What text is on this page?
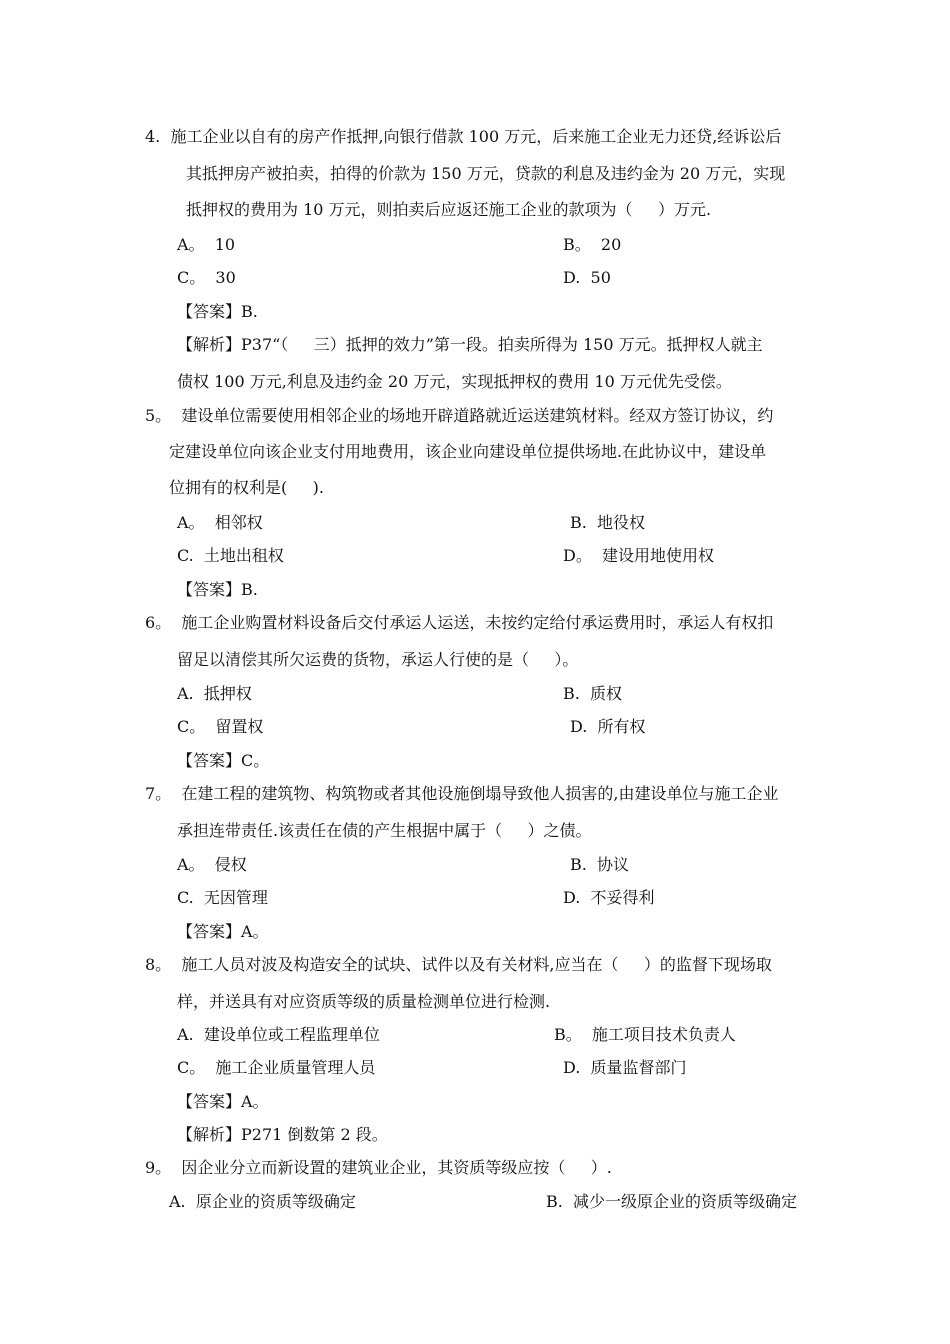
4.  施工企业以自有的房产作抵押,向银行借款 100 万元，后来施工企业无力还贷,经诉讼后
其抵押房产被拍卖，拍得的价款为 150 万元，贷款的利息及违约金为 20 万元，实现
抵押权的费用为 10 万元，则拍卖后应返还施工企业的款项为（     ）万元.
A。  10	B。  20
C。  30	D.  50
【答案】B.
【解析】P37“（     三）抵押的效力”第一段。拍卖所得为 150 万元。抵押权人就主
债权 100 万元,利息及违约金 20 万元，实现抵押权的费用 10 万元优先受偿。
5。  建设单位需要使用相邻企业的场地开辟道路就近运送建筑材料。经双方签订协议，约
定建设单位向该企业支付用地费用，该企业向建设单位提供场地.在此协议中，建设单
位拥有的权利是(     ).
A。  相邻权	B.  地役权
C.  土地出租权	D。  建设用地使用权
【答案】B.
6。  施工企业购置材料设备后交付承运人运送，未按约定给付承运费用时，承运人有权扣
留足以清偿其所欠运费的货物，承运人行使的是（     ）。
A.  抵押权	B.  质权
C。  留置权	D.  所有权
【答案】C。
7。  在建工程的建筑物、构筑物或者其他设施倒塌导致他人损害的,由建设单位与施工企业
承担连带责任.该责任在债的产生根据中属于（     ）之债。
A。  侵权	B.  协议
C.  无因管理	D.  不妥得利
【答案】A。
8。  施工人员对波及构造安全的试块、试件以及有关材料,应当在（     ）的监督下现场取
样，并送具有对应资质等级的质量检测单位进行检测.
A.  建设单位或工程监理单位	B。  施工项目技术负责人
C。  施工企业质量管理人员	D.  质量监督部门
【答案】A。
【解析】P271 倒数第 2 段。
9。  因企业分立而新设置的建筑业企业，其资质等级应按（     ）.
A.  原企业的资质等级确定	B.  减少一级原企业的资质等级确定
